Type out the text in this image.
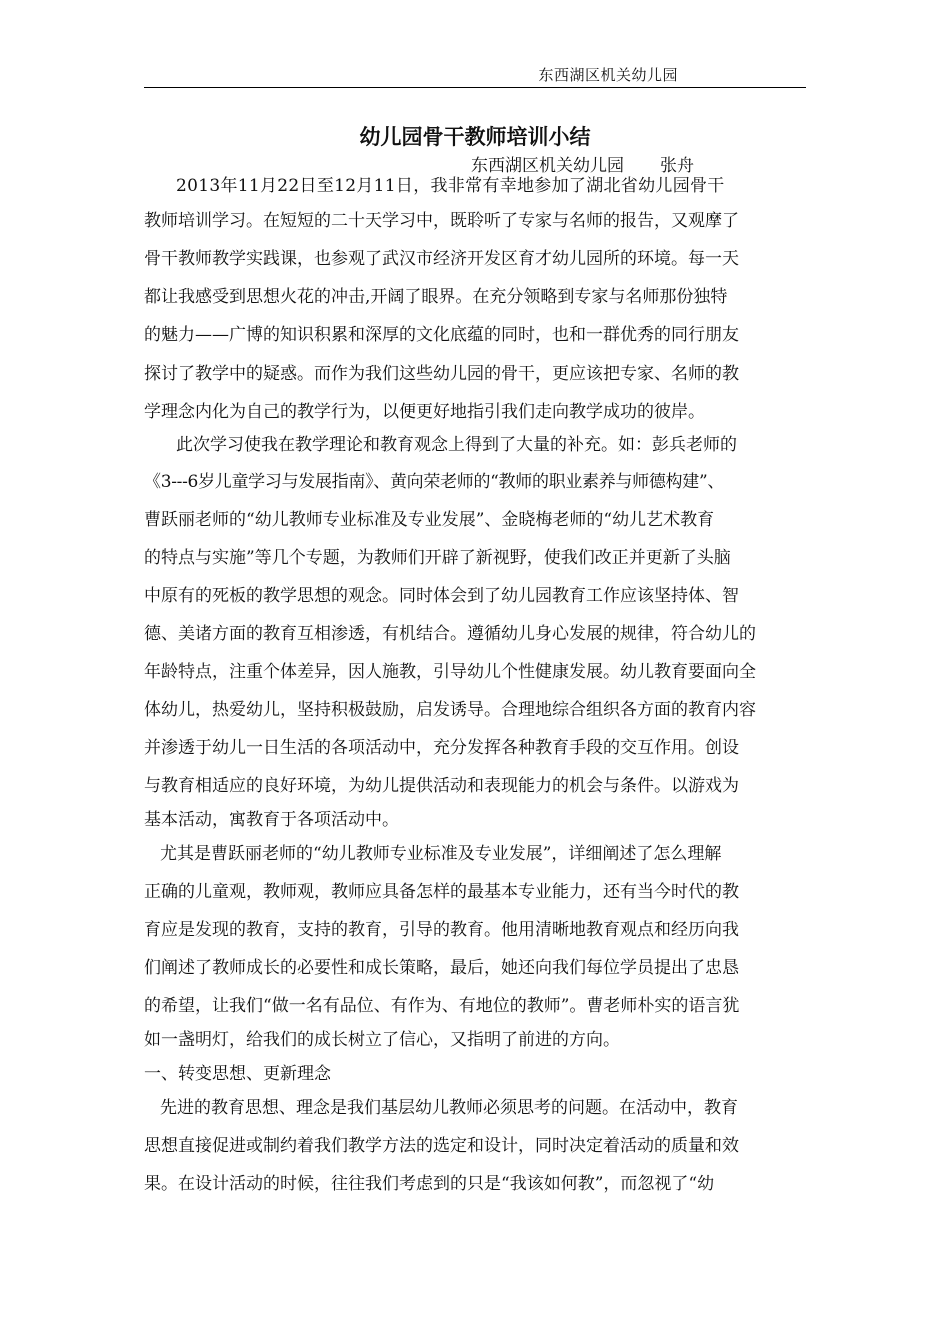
东西湖区机关幼儿园
幼儿园骨干教师培训小结
东西湖区机关幼儿园 张舟
2013年11月22日至12月11日，我非常有幸地参加了湖北省幼儿园骨干
教师培训学习。在短短的二十天学习中，既聆听了专家与名师的报告，又观摩了
骨干教师教学实践课，也参观了武汉市经济开发区育才幼儿园所的环境。每一天
都让我感受到思想火花的冲击,开阔了眼界。在充分领略到专家与名师那份独特
的魅力——广博的知识积累和深厚的文化底蕴的同时，也和一群优秀的同行朋友
探讨了教学中的疑惑。而作为我们这些幼儿园的骨干，更应该把专家、名师的教
学理念内化为自己的教学行为，以便更好地指引我们走向教学成功的彼岸。
此次学习使我在教学理论和教育观念上得到了大量的补充。如：彭兵老师的
《3---6岁儿童学习与发展指南》、黄向荣老师的“教师的职业素养与师德构建”、
曹跃丽老师的“幼儿教师专业标准及专业发展”、金晓梅老师的“幼儿艺术教育
的特点与实施”等几个专题，为教师们开辟了新视野，使我们改正并更新了头脑
中原有的死板的教学思想的观念。同时体会到了幼儿园教育工作应该坚持体、智
德、美诸方面的教育互相渗透，有机结合。遵循幼儿身心发展的规律，符合幼儿的
年龄特点，注重个体差异，因人施教，引导幼儿个性健康发展。幼儿教育要面向全
体幼儿，热爱幼儿，坚持积极鼓励，启发诱导。合理地综合组织各方面的教育内容
并渗透于幼儿一日生活的各项活动中，充分发挥各种教育手段的交互作用。创设
与教育相适应的良好环境，为幼儿提供活动和表现能力的机会与条件。以游戏为
基本活动，寓教育于各项活动中。
尤其是曹跃丽老师的“幼儿教师专业标准及专业发展”，详细阐述了怎么理解
正确的儿童观，教师观，教师应具备怎样的最基本专业能力，还有当今时代的教
育应是发现的教育，支持的教育，引导的教育。他用清晰地教育观点和经历向我
们阐述了教师成长的必要性和成长策略，最后，她还向我们每位学员提出了忠恳
的希望，让我们“做一名有品位、有作为、有地位的教师”。曹老师朴实的语言犹
如一盏明灯，给我们的成长树立了信心，又指明了前进的方向。
一、转变思想、更新理念
先进的教育思想、理念是我们基层幼儿教师必须思考的问题。在活动中，教育
思想直接促进或制约着我们教学方法的选定和设计，同时决定着活动的质量和效
果。在设计活动的时候，往往我们考虑到的只是“我该如何教”，而忽视了“幼
